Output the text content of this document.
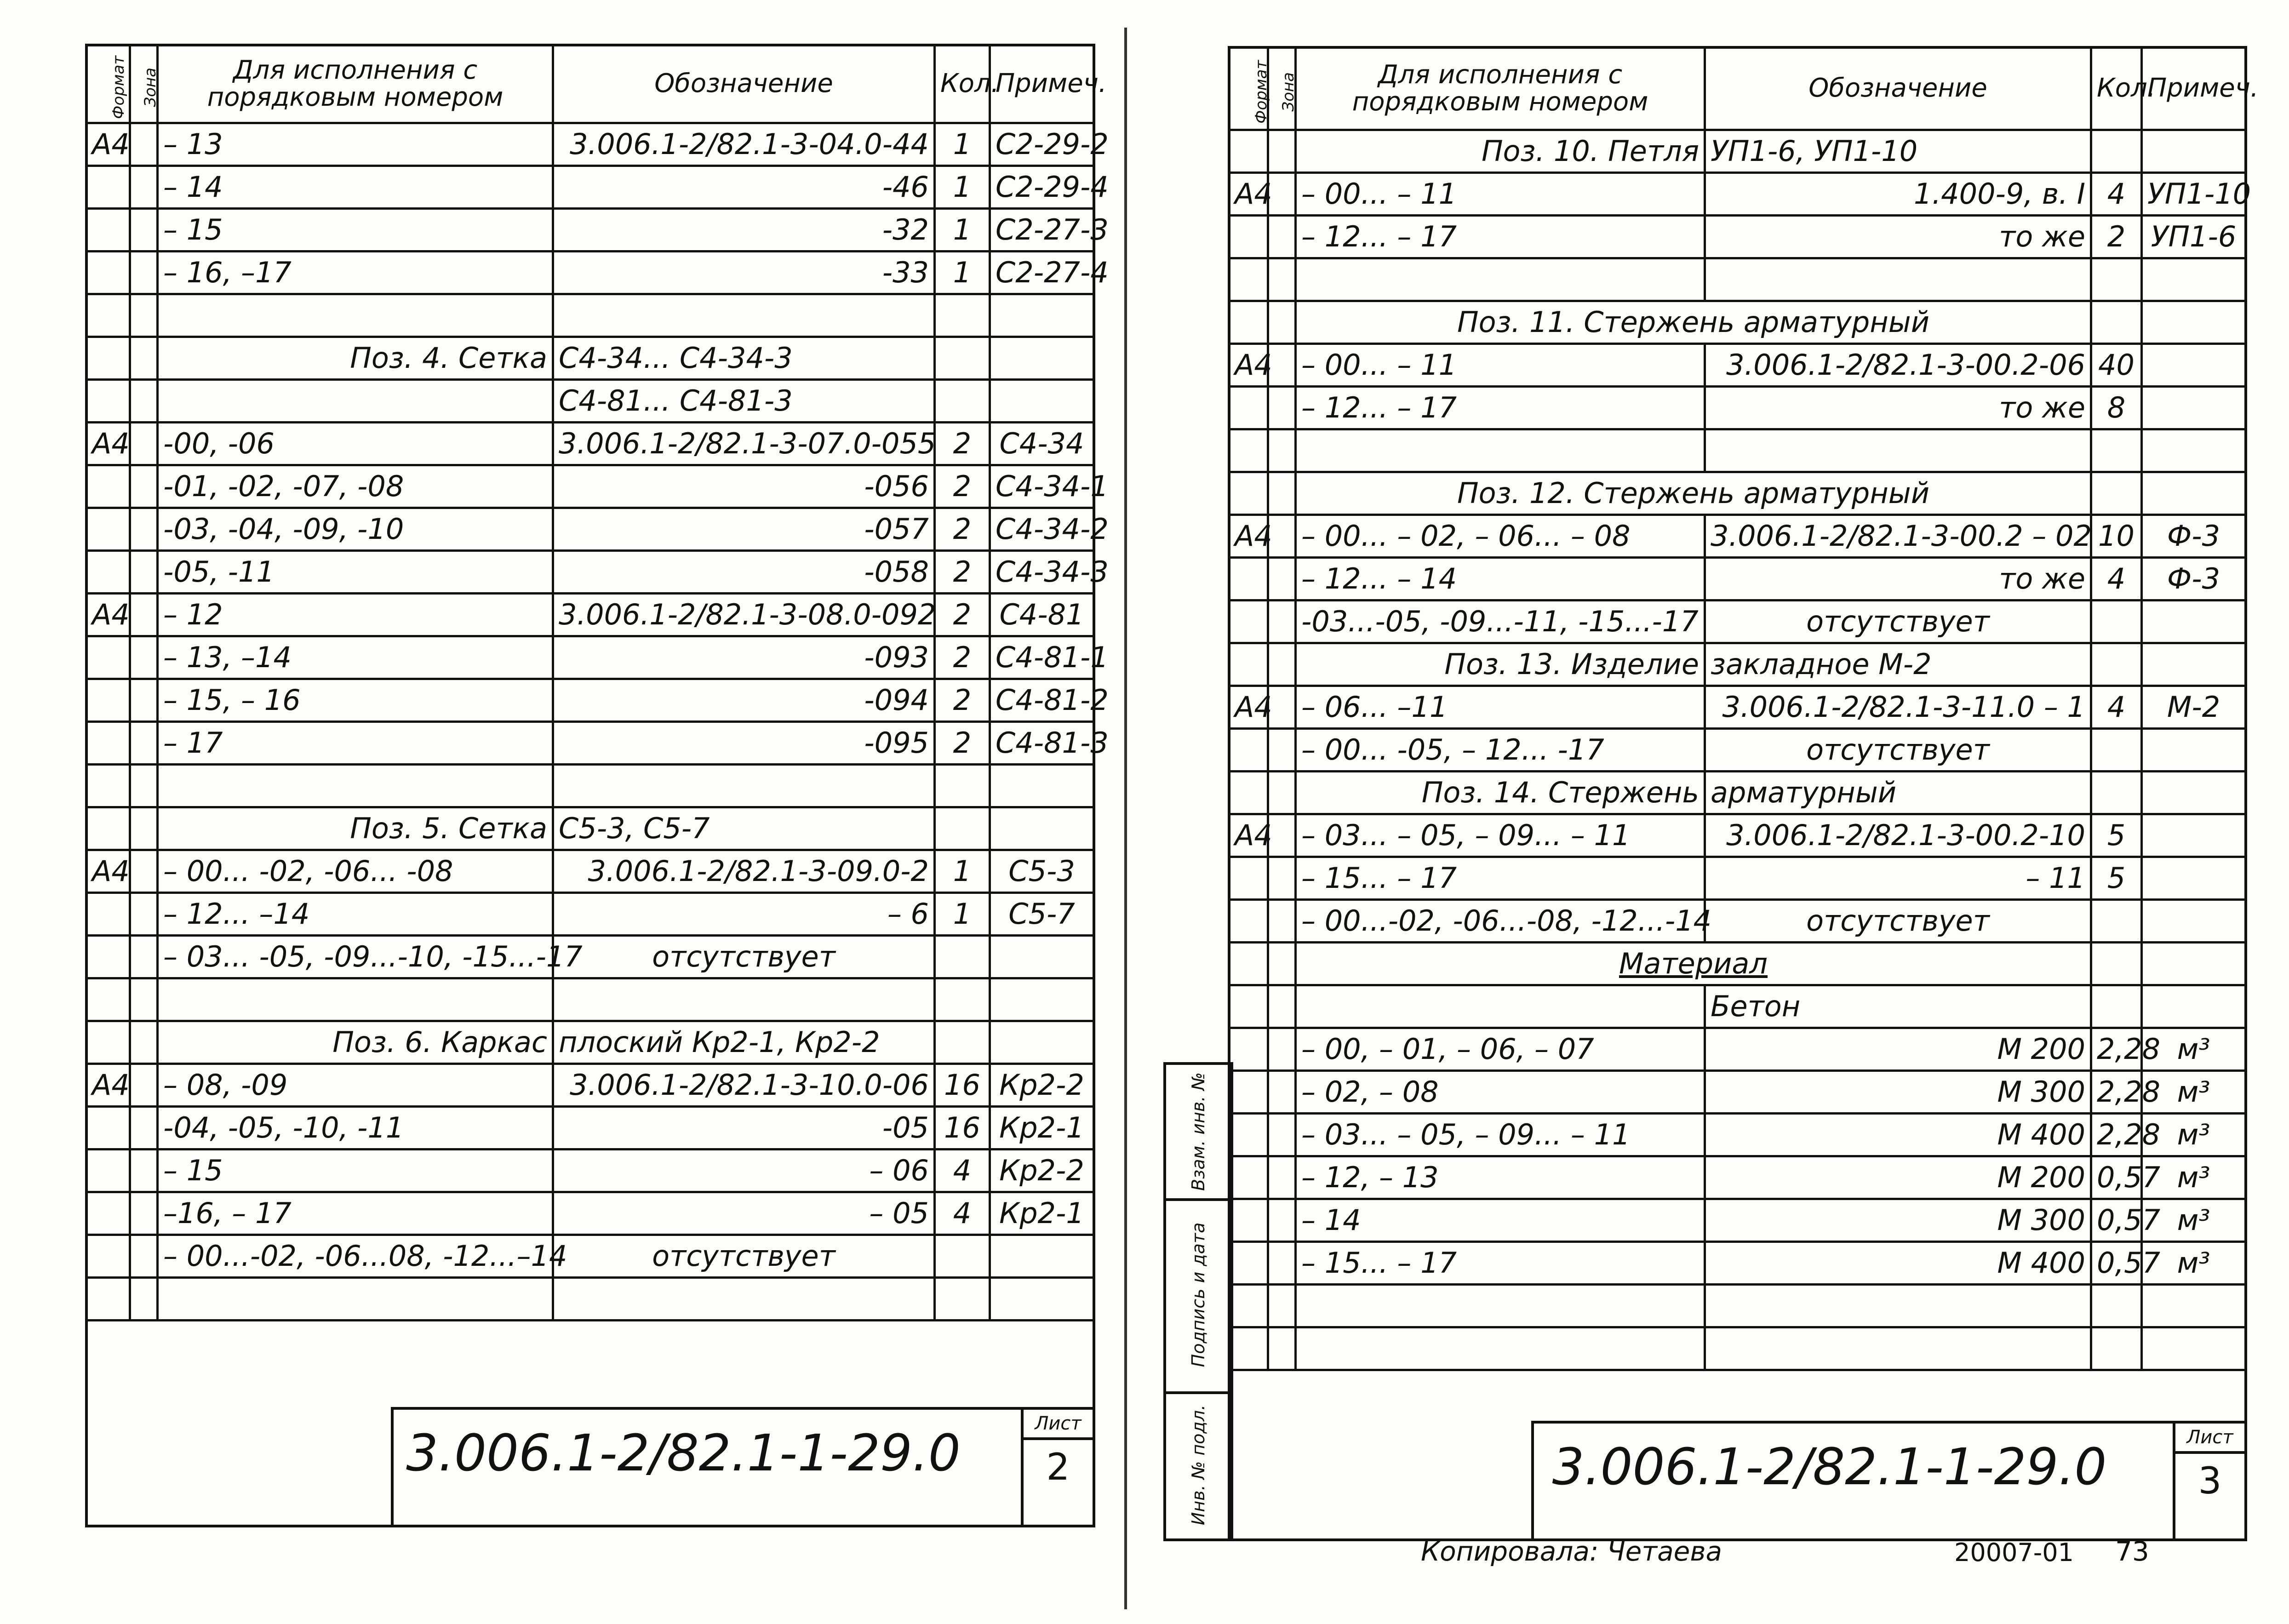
Формат	Зона	Для исполнения с порядковым номером	Обозначение	Кол.	Примеч.
А4		– 13	3.006.1-2/82.1-3-04.0-44	1	С2-29-2
		– 14	-46	1	С2-29-4
		– 15	-32	1	С2-27-3
		– 16, –17	-33	1	С2-27-4

		Поз. 4. Сетка	С4-34... С4-34-3		
			С4-81... С4-81-3		
А4		-00, -06	3.006.1-2/82.1-3-07.0-055	2	С4-34
		-01, -02, -07, -08	-056	2	С4-34-1
		-03, -04, -09, -10	-057	2	С4-34-2
		-05, -11	-058	2	С4-34-3
А4		– 12	3.006.1-2/82.1-3-08.0-092	2	С4-81
		– 13, –14	-093	2	С4-81-1
		– 15, – 16	-094	2	С4-81-2
		– 17	-095	2	С4-81-3

		Поз. 5. Сетка	С5-3, С5-7		
А4		– 00... -02, -06... -08	3.006.1-2/82.1-3-09.0-2	1	С5-3
		– 12... –14	– 6	1	С5-7
		– 03... -05, -09...-10, -15...-17	отсутствует		

		Поз. 6. Каркас	плоский Кр2-1, Кр2-2		
А4		– 08, -09	3.006.1-2/82.1-3-10.0-06	16	Кр2-2
		-04, -05, -10, -11	-05	16	Кр2-1
		– 15	– 06	4	Кр2-2
		–16, – 17	– 05	4	Кр2-1
		– 00...-02, -06...08, -12...–14	отсутствует		

3.006.1-2/82.1-1-29.0	Лист
2
Формат	Зона	Для исполнения с порядковым номером	Обозначение	Кол.	Примеч.
		Поз. 10. Петля	УП1-6, УП1-10		
А4		– 00... – 11	1.400-9, в. I	4	УП1-10
		– 12... – 17	то же	2	УП1-6

		Поз. 11. Стержень арматурный			
А4		– 00... – 11	3.006.1-2/82.1-3-00.2-06	40	
		– 12... – 17	то же	8	

		Поз. 12. Стержень арматурный			
А4		– 00... – 02, – 06... – 08	3.006.1-2/82.1-3-00.2 – 02	10	Ф-3
		– 12... – 14	то же	4	Ф-3
		-03...-05, -09...-11, -15...-17	отсутствует		
		Поз. 13. Изделие	закладное М-2		
А4		– 06... –11	3.006.1-2/82.1-3-11.0 – 1	4	М-2
		– 00... -05, – 12... -17	отсутствует		
		Поз. 14. Стержень	арматурный		
А4		– 03... – 05, – 09... – 11	3.006.1-2/82.1-3-00.2-10	5	
		– 15... – 17	– 11	5	
		– 00...-02, -06...-08, -12...-14	отсутствует		
		Материал			
			Бетон		
		– 00, – 01, – 06, – 07	М 200	2,28	м³
		– 02, – 08	М 300	2,28	м³
		– 03... – 05, – 09... – 11	М 400	2,28	м³
		– 12, – 13	М 200	0,57	м³
		– 14	М 300	0,57	м³
		– 15... – 17	М 400	0,57	м³

Взам. инв. №
Подпись и дата
Инв. № подл.	3.006.1-2/82.1-1-29.0	Лист
3
Копировала: Четаева	20007-01 73
